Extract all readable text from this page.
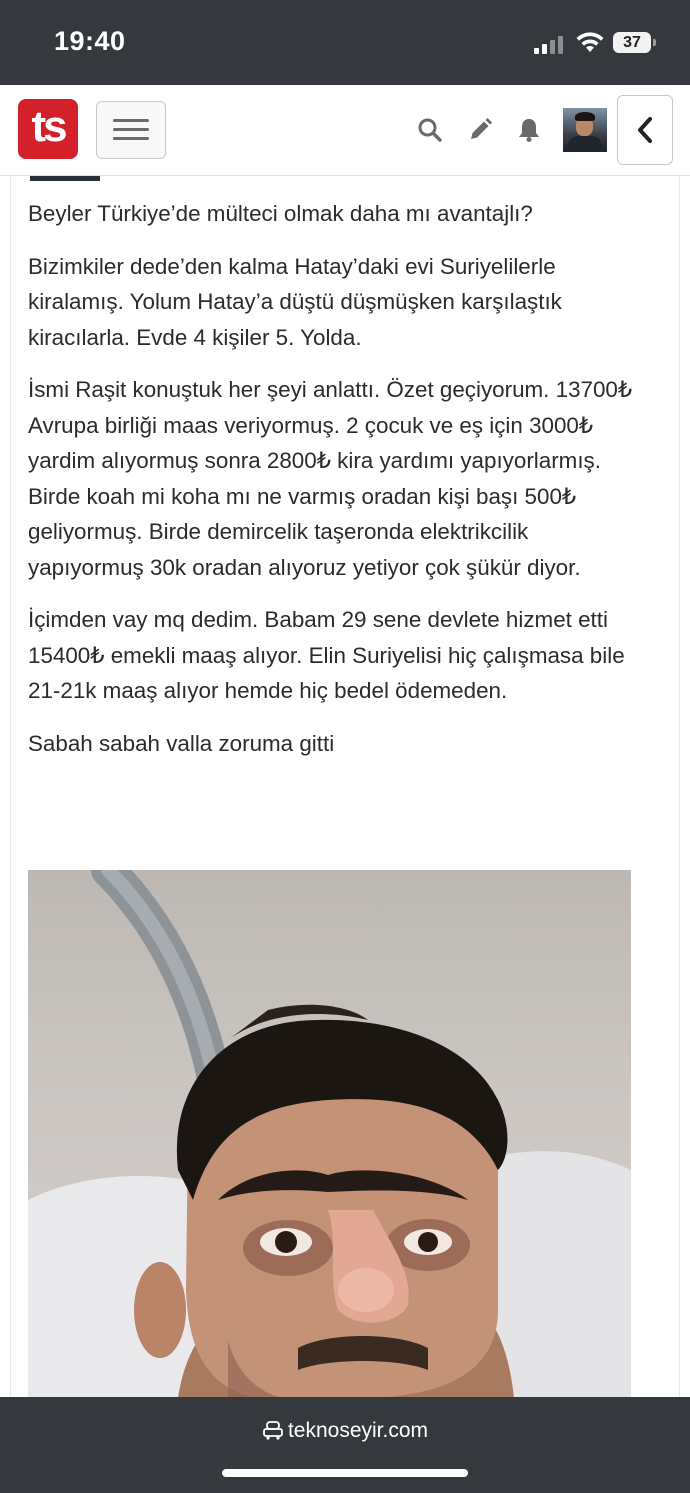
19:40	37
ts

Beyler Türkiye’de mülteci olmak daha mı avantajlı?

Bizimkiler dede’den kalma Hatay’daki evi Suriyelilerle kiralamış. Yolum Hatay’a düştü düşmüşken karşılaştık kiracılarla. Evde 4 kişiler 5. Yolda.

İsmi Raşit konuştuk her şeyi anlattı. Özet geçiyorum. 13700₺ Avrupa birliği maas veriyormuş. 2 çocuk ve eş için 3000₺ yardim alıyormuş sonra 2800₺ kira yardımı yapıyorlarmış. Birde koah mi koha mı ne varmış oradan kişi başı 500₺ geliyormuş. Birde demircelik taşeronda elektrikcilik yapıyormuş 30k oradan alıyoruz yetiyor çok şükür diyor.

İçimden vay mq dedim. Babam 29 sene devlete hizmet etti 15400₺ emekli maaş alıyor. Elin Suriyelisi hiç çalışmasa bile 21-21k maaş alıyor hemde hiç bedel ödemeden.

Sabah sabah valla zoruma gitti

teknoseyir.com
